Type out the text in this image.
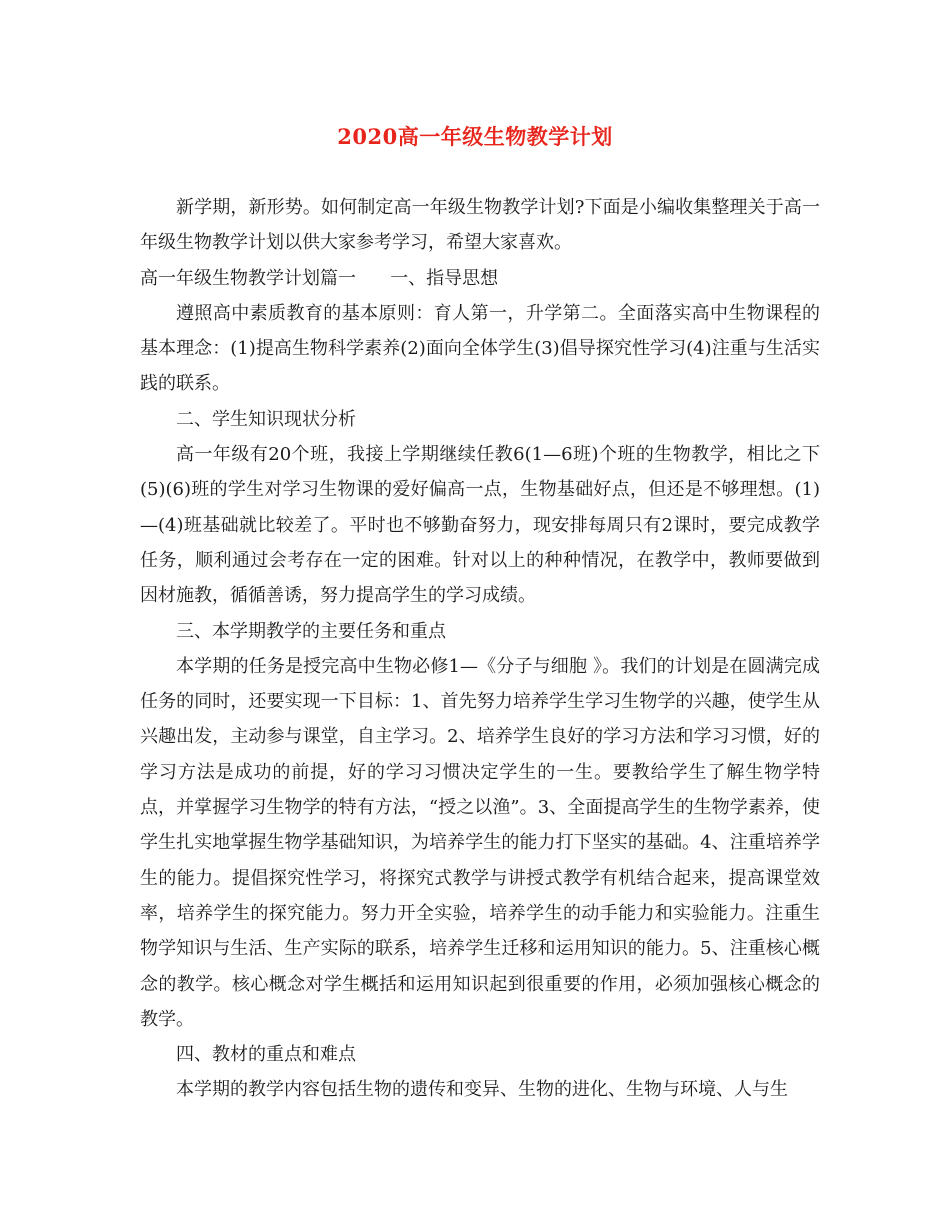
2020高一年级生物教学计划

新学期，新形势。如何制定高一年级生物教学计划?下面是小编收集整理关于高一年级生物教学计划以供大家参考学习，希望大家喜欢。

高一年级生物教学计划篇一 一、指导思想

遵照高中素质教育的基本原则：育人第一，升学第二。全面落实高中生物课程的基本理念：(1)提高生物科学素养(2)面向全体学生(3)倡导探究性学习(4)注重与生活实践的联系。

二、学生知识现状分析

高一年级有20个班，我接上学期继续任教6(1—6班)个班的生物教学，相比之下(5)(6)班的学生对学习生物课的爱好偏高一点，生物基础好点，但还是不够理想。(1)—(4)班基础就比较差了。平时也不够勤奋努力，现安排每周只有2课时，要完成教学任务，顺利通过会考存在一定的困难。针对以上的种种情况，在教学中，教师要做到因材施教，循循善诱，努力提高学生的学习成绩。

三、本学期教学的主要任务和重点

本学期的任务是授完高中生物必修1—《分子与细胞 》。我们的计划是在圆满完成任务的同时，还要实现一下目标：1、首先努力培养学生学习生物学的兴趣，使学生从兴趣出发，主动参与课堂，自主学习。2、培养学生良好的学习方法和学习习惯，好的学习方法是成功的前提，好的学习习惯决定学生的一生。要教给学生了解生物学特点，并掌握学习生物学的特有方法，“授之以渔”。3、全面提高学生的生物学素养，使学生扎实地掌握生物学基础知识，为培养学生的能力打下坚实的基础。4、注重培养学生的能力。提倡探究性学习，将探究式教学与讲授式教学有机结合起来，提高课堂效率，培养学生的探究能力。努力开全实验，培养学生的动手能力和实验能力。注重生物学知识与生活、生产实际的联系，培养学生迁移和运用知识的能力。5、注重核心概念的教学。核心概念对学生概括和运用知识起到很重要的作用，必须加强核心概念的教学。

四、教材的重点和难点

本学期的教学内容包括生物的遗传和变异、生物的进化、生物与环境、人与生
